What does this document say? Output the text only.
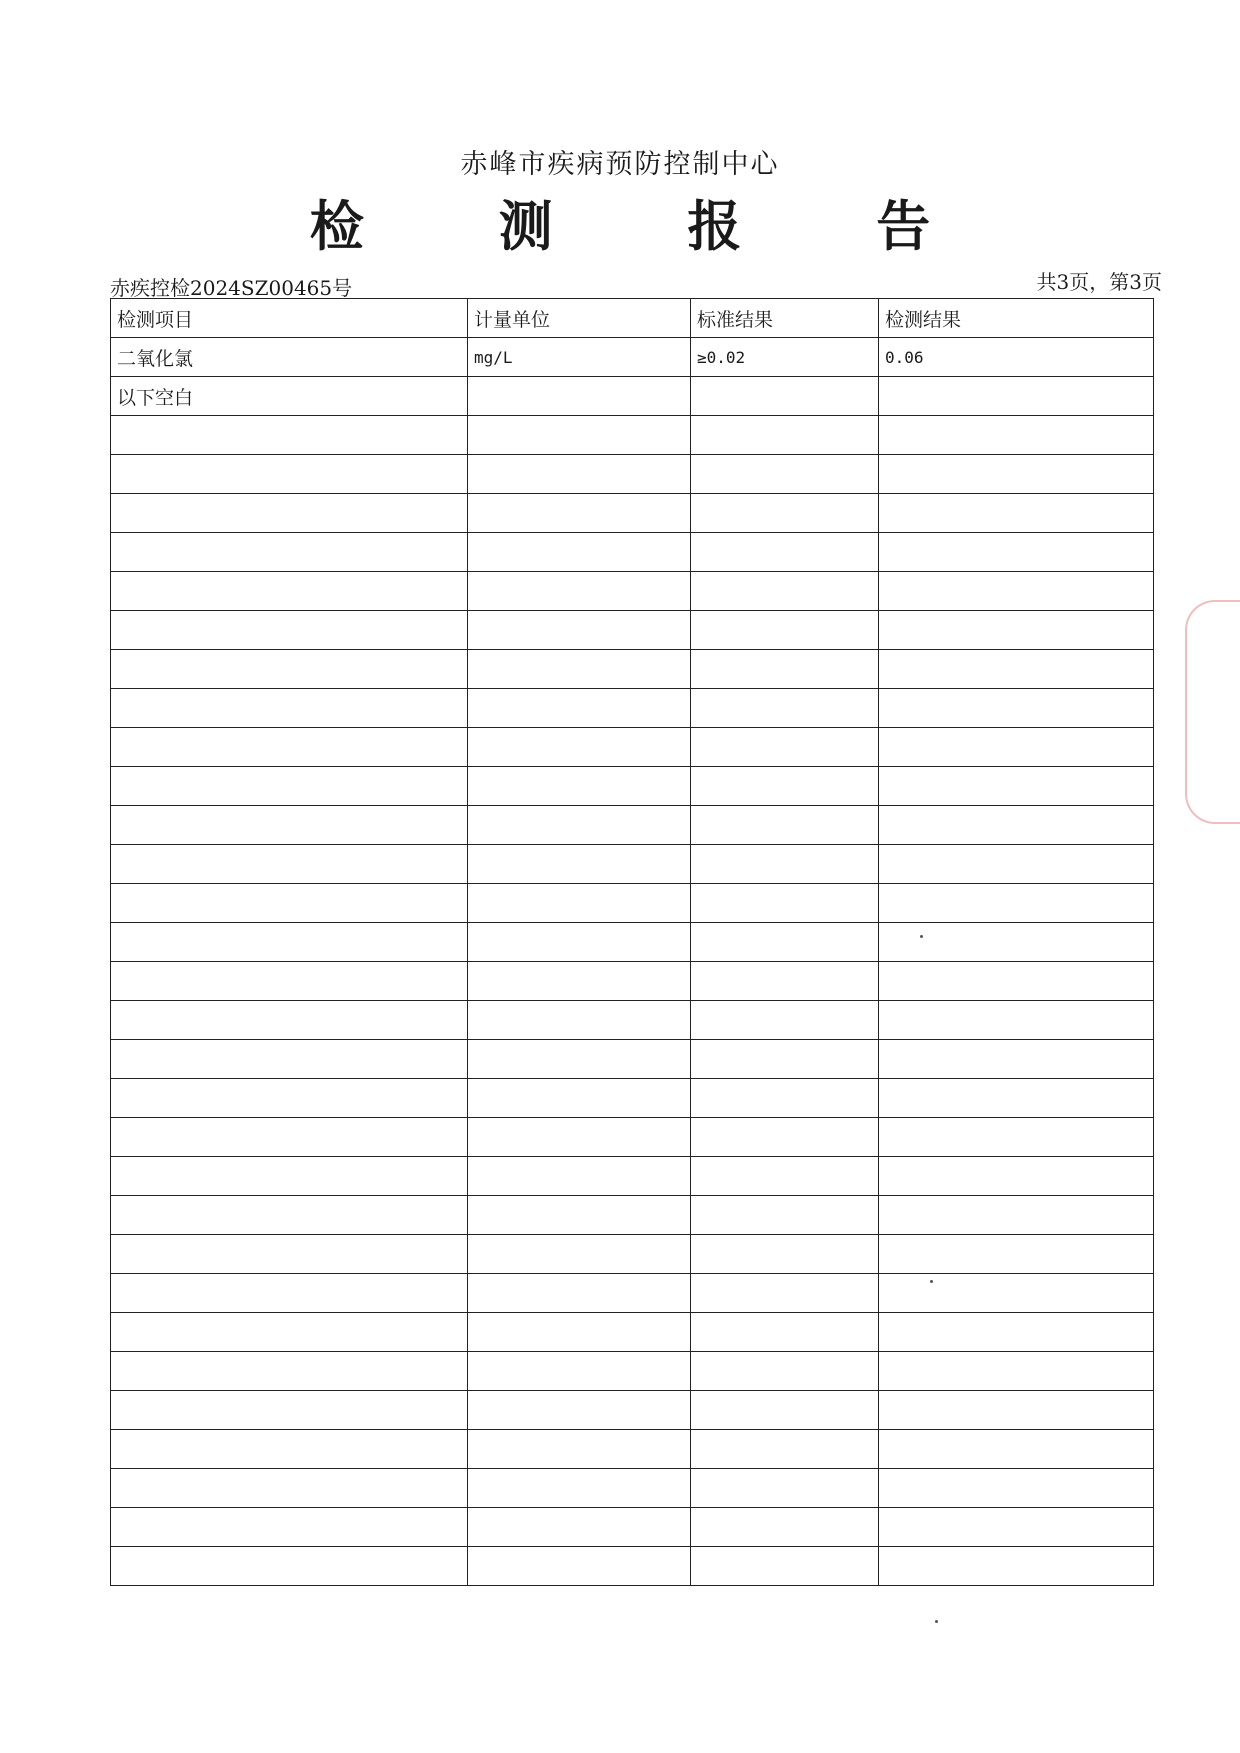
赤峰市疾病预防控制中心
检 测 报 告
赤疾控检2024SZ00465号	共3页，第3页
检测项目	计量单位	标准结果	检测结果
二氧化氯	mg/L	≥0.02	0.06
以下空白			
